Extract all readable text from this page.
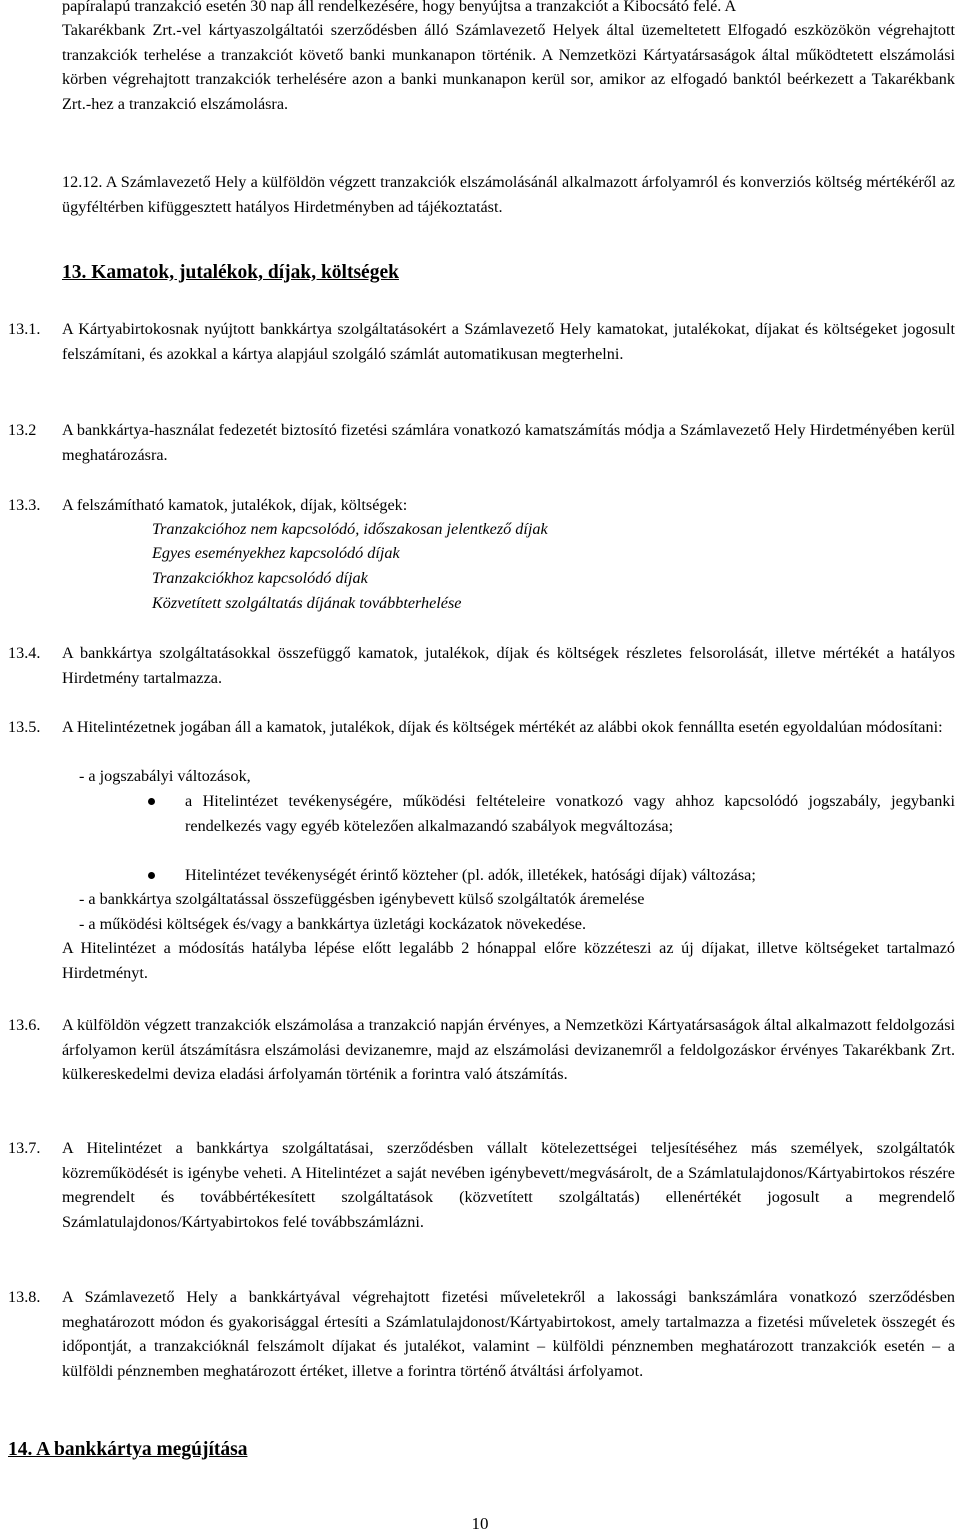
papíralapú tranzakció esetén 30 nap áll rendelkezésére, hogy benyújtsa a tranzakciót a Kibocsátó felé. A
Takarékbank Zrt.-vel kártyaszolgáltatói szerződésben álló Számlavezető Helyek által üzemeltetett Elfogadó eszközökön végrehajtott tranzakciók terhelése a tranzakciót követő banki munkanapon történik. A Nemzetközi Kártyatársaságok által működtetett elszámolási körben végrehajtott tranzakciók terhelésére azon a banki munkanapon kerül sor, amikor az elfogadó banktól beérkezett a Takarékbank Zrt.-hez a tranzakció elszámolásra.
12.12. A Számlavezető Hely a külföldön végzett tranzakciók elszámolásánál alkalmazott árfolyamról és konverziós költség mértékéről az ügyféltérben kifüggesztett hatályos Hirdetményben ad tájékoztatást.
13. Kamatok, jutalékok, díjak, költségek
13.1. A Kártyabirtokosnak nyújtott bankkártya szolgáltatásokért a Számlavezető Hely kamatokat, jutalékokat, díjakat és költségeket jogosult felszámítani, és azokkal a kártya alapjául szolgáló számlát automatikusan megterhelni.
13.2 A bankkártya-használat fedezetét biztosító fizetési számlára vonatkozó kamatszámítás módja a Számlavezető Hely Hirdetményében kerül meghatározásra.
13.3. A felszámítható kamatok, jutalékok, díjak, költségek:
Tranzakcióhoz nem kapcsolódó, időszakosan jelentkező díjak
Egyes eseményekhez kapcsolódó díjak
Tranzakciókhoz kapcsolódó díjak
Közvetített szolgáltatás díjának továbbterhelése
13.4. A bankkártya szolgáltatásokkal összefüggő kamatok, jutalékok, díjak és költségek részletes felsorolását, illetve mértékét a hatályos Hirdetmény tartalmazza.
13.5. A Hitelintézetnek jogában áll a kamatok, jutalékok, díjak és költségek mértékét az alábbi okok fennállta esetén egyoldalúan módosítani:
- a jogszabályi változások,
a Hitelintézet tevékenységére, működési feltételeire vonatkozó vagy ahhoz kapcsolódó jogszabály, jegybanki rendelkezés vagy egyéb kötelezően alkalmazandó szabályok megváltozása;
Hitelintézet tevékenységét érintő közteher (pl. adók, illetékek, hatósági díjak) változása;
- a bankkártya szolgáltatással összefüggésben igénybevett külső szolgáltatók áremelése
- a működési költségek és/vagy a bankkártya üzletági kockázatok növekedése.
A Hitelintézet a módosítás hatályba lépése előtt legalább 2 hónappal előre közzéteszi az új díjakat, illetve költségeket tartalmazó Hirdetményt.
13.6. A külföldön végzett tranzakciók elszámolása a tranzakció napján érvényes, a Nemzetközi Kártyatársaságok által alkalmazott feldolgozási árfolyamon kerül átszámításra elszámolási devizanemre, majd az elszámolási devizanemről a feldolgozáskor érvényes Takarékbank Zrt. külkereskedelmi deviza eladási árfolyamán történik a forintra való átszámítás.
13.7. A Hitelintézet a bankkártya szolgáltatásai, szerződésben vállalt kötelezettségei teljesítéséhez más személyek, szolgáltatók közreműködését is igénybe veheti. A Hitelintézet a saját nevében igénybevett/megvásárolt, de a Számlatulajdonos/Kártyabirtokos részére megrendelt és továbbértékesített szolgáltatások (közvetített szolgáltatás) ellenértékét jogosult a megrendelő Számlatulajdonos/Kártyabirtokos felé továbbszámlázni.
13.8. A Számlavezető Hely a bankkártyával végrehajtott fizetési műveletekről a lakossági bankszámlára vonatkozó szerződésben meghatározott módon és gyakorisággal értesíti a Számlatulajdonost/Kártyabirtokost, amely tartalmazza a fizetési műveletek összegét és időpontját, a tranzakcióknál felszámolt díjakat és jutalékot, valamint – külföldi pénznemben meghatározott tranzakciók esetén – a külföldi pénznemben meghatározott értéket, illetve a forintra történő átváltási árfolyamot.
14. A bankkártya megújítása
10
